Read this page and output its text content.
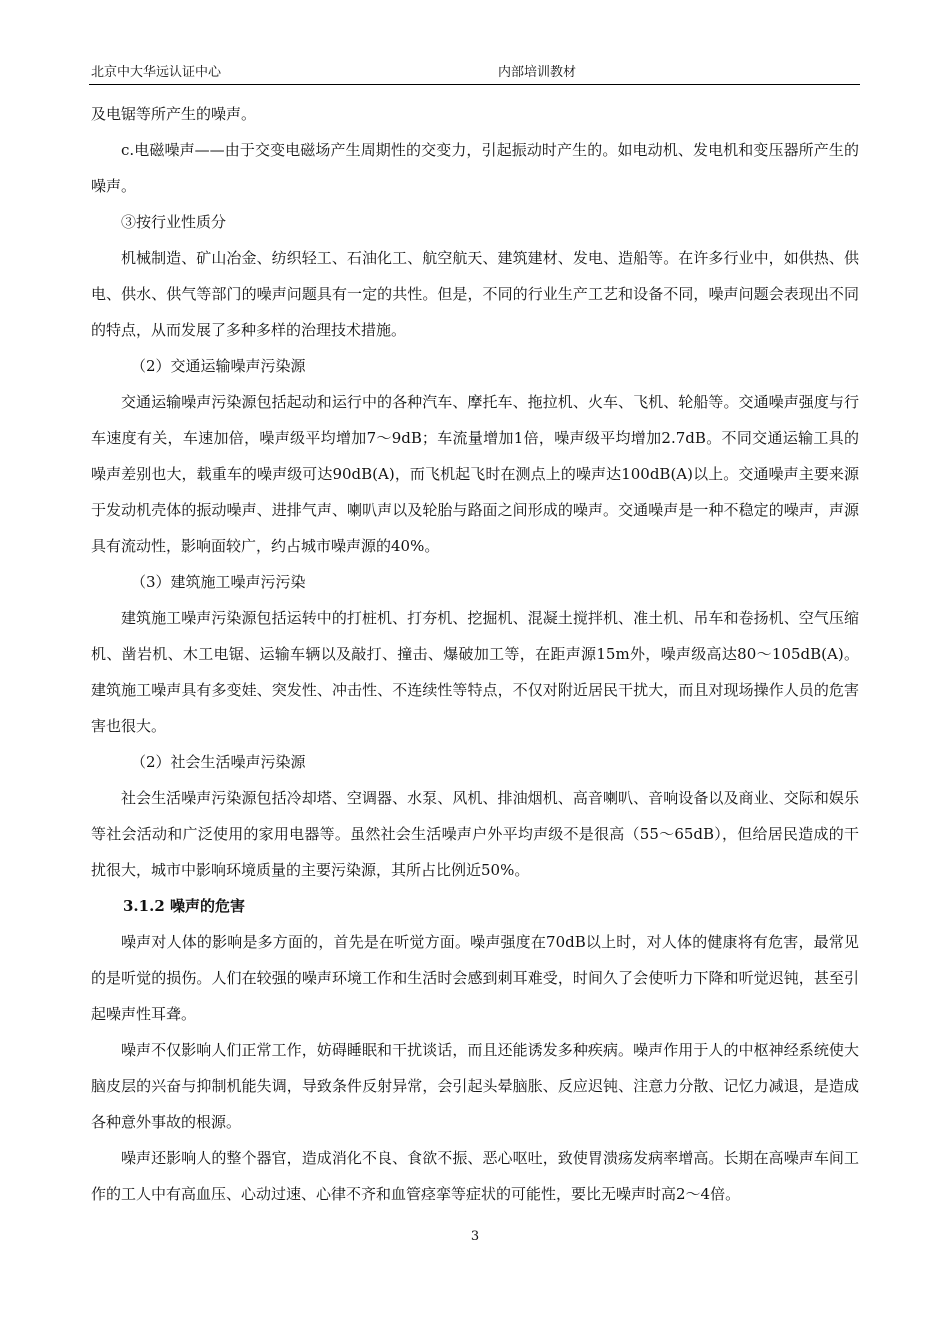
北京中大华远认证中心	内部培训教材

及电锯等所产生的噪声。

c.电磁噪声——由于交变电磁场产生周期性的交变力，引起振动时产生的。如电动机、发电机和变压器所产生的噪声。

③按行业性质分

机械制造、矿山冶金、纺织轻工、石油化工、航空航天、建筑建材、发电、造船等。在许多行业中，如供热、供电、供水、供气等部门的噪声问题具有一定的共性。但是，不同的行业生产工艺和设备不同，噪声问题会表现出不同的特点，从而发展了多种多样的治理技术措施。

（2）交通运输噪声污染源

交通运输噪声污染源包括起动和运行中的各种汽车、摩托车、拖拉机、火车、飞机、轮船等。交通噪声强度与行车速度有关，车速加倍，噪声级平均增加7～9dB；车流量增加1倍，噪声级平均增加2.7dB。不同交通运输工具的噪声差别也大，载重车的噪声级可达90dB(A)，而飞机起飞时在测点上的噪声达100dB(A)以上。交通噪声主要来源于发动机壳体的振动噪声、进排气声、喇叭声以及轮胎与路面之间形成的噪声。交通噪声是一种不稳定的噪声，声源具有流动性，影响面较广，约占城市噪声源的40%。

（3）建筑施工噪声污污染

建筑施工噪声污染源包括运转中的打桩机、打夯机、挖掘机、混凝土搅拌机、准土机、吊车和卷扬机、空气压缩机、凿岩机、木工电锯、运输车辆以及敲打、撞击、爆破加工等，在距声源15m外，噪声级高达80～105dB(A)。建筑施工噪声具有多变娃、突发性、冲击性、不连续性等特点，不仅对附近居民干扰大，而且对现场操作人员的危害害也很大。

（2）社会生活噪声污染源

社会生活噪声污染源包括冷却塔、空调器、水泵、风机、排油烟机、高音喇叭、音响设备以及商业、交际和娱乐等社会活动和广泛使用的家用电器等。虽然社会生活噪声户外平均声级不是很高（55～65dB），但给居民造成的干扰很大，城市中影响环境质量的主要污染源，其所占比例近50%。

3.1.2 噪声的危害

噪声对人体的影响是多方面的，首先是在听觉方面。噪声强度在70dB以上时，对人体的健康将有危害，最常见的是听觉的损伤。人们在较强的噪声环境工作和生活时会感到刺耳难受，时间久了会使听力下降和听觉迟钝，甚至引起噪声性耳聋。

噪声不仅影响人们正常工作，妨碍睡眠和干扰谈话，而且还能诱发多种疾病。噪声作用于人的中枢神经系统使大脑皮层的兴奋与抑制机能失调，导致条件反射异常，会引起头晕脑胀、反应迟钝、注意力分散、记忆力减退，是造成各种意外事故的根源。

噪声还影响人的整个器官，造成消化不良、食欲不振、恶心呕吐，致使胃溃疡发病率增高。长期在高噪声车间工作的工人中有高血压、心动过速、心律不齐和血管痉挛等症状的可能性，要比无噪声时高2～4倍。

3
